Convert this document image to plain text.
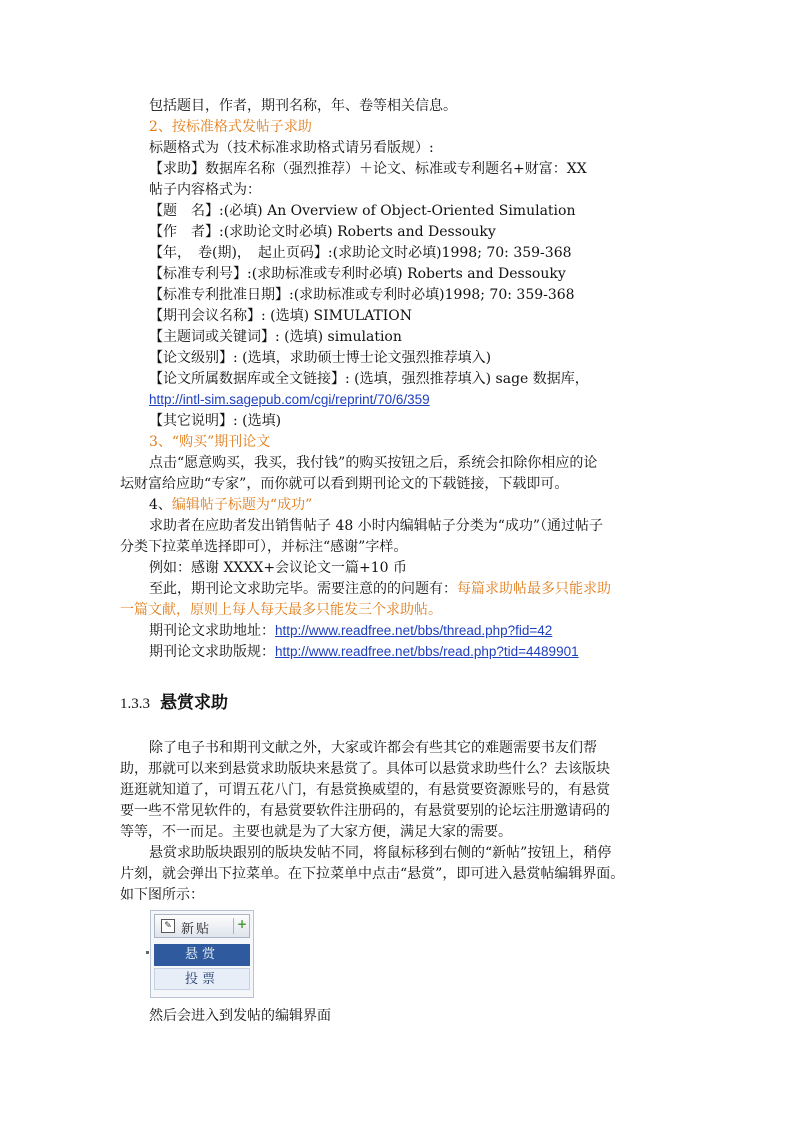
包括题目，作者，期刊名称，年、卷等相关信息。
2、按标准格式发帖子求助
标题格式为（技术标准求助格式请另看版规）:
【求助】数据库名称（强烈推荐）＋论文、标准或专利题名+财富：XX
帖子内容格式为：
【题　名】:(必填) An Overview of Object-Oriented Simulation
【作　者】:(求助论文时必填) Roberts and Dessouky
【年，　卷(期)，　起止页码】:(求助论文时必填)1998; 70: 359-368
【标准专利号】:(求助标准或专利时必填) Roberts and Dessouky
【标准专利批准日期】:(求助标准或专利时必填)1998; 70: 359-368
【期刊会议名称】: (选填) SIMULATION
【主题词或关键词】: (选填) simulation
【论文级别】: (选填，求助硕士博士论文强烈推荐填入)
【论文所属数据库或全文链接】: (选填，强烈推荐填入) sage 数据库，
http://intl-sim.sagepub.com/cgi/reprint/70/6/359
【其它说明】: (选填)
3、“购买”期刊论文
点击“愿意购买，我买，我付钱”的购买按钮之后，系统会扣除你相应的论
坛财富给应助“专家”，而你就可以看到期刊论文的下载链接，下载即可。
4、编辑帖子标题为“成功”
求助者在应助者发出销售帖子 48 小时内编辑帖子分类为“成功”（通过帖子
分类下拉菜单选择即可），并标注“感谢”字样。
例如：感谢 XXXX+会议论文一篇+10 币
至此，期刊论文求助完毕。需要注意的的问题有：每篇求助帖最多只能求助
一篇文献，原则上每人每天最多只能发三个求助帖。
期刊论文求助地址：http://www.readfree.net/bbs/thread.php?fid=42
期刊论文求助版规：http://www.readfree.net/bbs/read.php?tid=4489901
1.3.3 悬赏求助
除了电子书和期刊文献之外，大家或许都会有些其它的难题需要书友们帮
助，那就可以来到悬赏求助版块来悬赏了。具体可以悬赏求助些什么？去该版块
逛逛就知道了，可谓五花八门，有悬赏换威望的，有悬赏要资源账号的，有悬赏
要一些不常见软件的，有悬赏要软件注册码的，有悬赏要别的论坛注册邀请码的
等等，不一而足。主要也就是为了大家方便，满足大家的需要。
悬赏求助版块跟别的版块发帖不同，将鼠标移到右侧的“新帖”按钮上，稍停
片刻，就会弹出下拉菜单。在下拉菜单中点击“悬赏”，即可进入悬赏帖编辑界面。
如下图所示：
✎ 新贴 +
悬赏
投票
然后会进入到发帖的编辑界面
